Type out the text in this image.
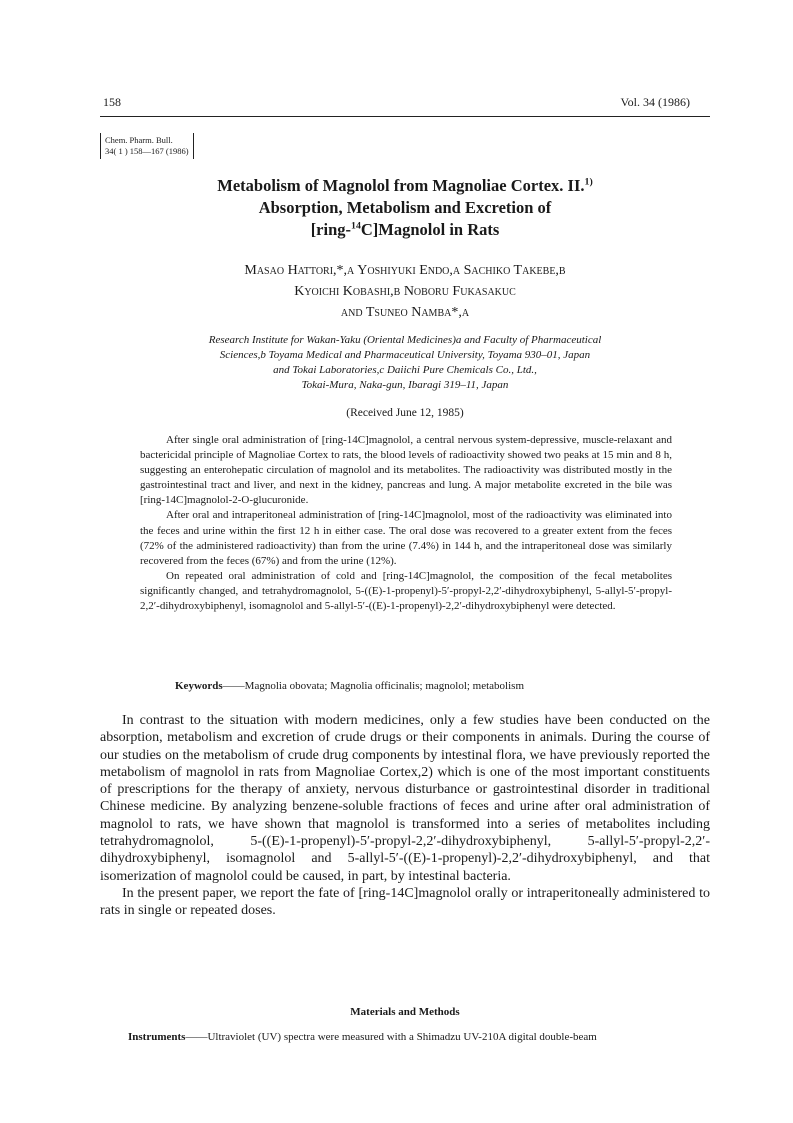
158	Vol. 34 (1986)
Chem. Pharm. Bull.
34( 1 ) 158—167 (1986)
Metabolism of Magnolol from Magnoliae Cortex. II.$^{1)}$
Absorption, Metabolism and Excretion of
[ring-$^{14}$C]Magnolol in Rats
Masao Hattori,*,a Yoshiyuki Endo,a Sachiko Takebe,b
Kyoichi Kobashi,b Noboru Fukasakuc
and Tsuneo Namba*,a
Research Institute for Wakan-Yaku (Oriental Medicines)a and Faculty of Pharmaceutical
Sciences,b Toyama Medical and Pharmaceutical University, Toyama 930–01, Japan
and Tokai Laboratories,c Daiichi Pure Chemicals Co., Ltd.,
Tokai-Mura, Naka-gun, Ibaragi 319–11, Japan
(Received June 12, 1985)

After single oral administration of [ring-14C]magnolol, a central nervous system-depressive, muscle-relaxant and bactericidal principle of Magnoliae Cortex to rats, the blood levels of radioactivity showed two peaks at 15 min and 8 h, suggesting an enterohepatic circulation of magnolol and its metabolites. The radioactivity was distributed mostly in the gastrointestinal tract and liver, and next in the kidney, pancreas and lung. A major metabolite excreted in the bile was [ring-14C]magnolol-2-O-glucuronide.

After oral and intraperitoneal administration of [ring-14C]magnolol, most of the radioactivity was eliminated into the feces and urine within the first 12 h in either case. The oral dose was recovered to a greater extent from the feces (72% of the administered radioactivity) than from the urine (7.4%) in 144 h, and the intraperitoneal dose was similarly recovered from the feces (67%) and from the urine (12%).

On repeated oral administration of cold and [ring-14C]magnolol, the composition of the fecal metabolites significantly changed, and tetrahydromagnolol, 5-((E)-1-propenyl)-5′-propyl-2,2′-dihydroxybiphenyl, 5-allyl-5′-propyl-2,2′-dihydroxybiphenyl, isomagnolol and 5-allyl-5′-((E)-1-propenyl)-2,2′-dihydroxybiphenyl were detected.

Keywords——Magnolia obovata; Magnolia officinalis; magnolol; metabolism

In contrast to the situation with modern medicines, only a few studies have been conducted on the absorption, metabolism and excretion of crude drugs or their components in animals. During the course of our studies on the metabolism of crude drug components by intestinal flora, we have previously reported the metabolism of magnolol in rats from Magnoliae Cortex,2) which is one of the most important constituents of prescriptions for the therapy of anxiety, nervous disturbance or gastrointestinal disorder in traditional Chinese medicine. By analyzing benzene-soluble fractions of feces and urine after oral administration of magnolol to rats, we have shown that magnolol is transformed into a series of metabolites including tetrahydromagnolol, 5-((E)-1-propenyl)-5′-propyl-2,2′-dihydroxybiphenyl, 5-allyl-5′-propyl-2,2′-dihydroxybiphenyl, isomagnolol and 5-allyl-5′-((E)-1-propenyl)-2,2′-dihydroxybiphenyl, and that isomerization of magnolol could be caused, in part, by intestinal bacteria.

In the present paper, we report the fate of [ring-14C]magnolol orally or intraperitoneally administered to rats in single or repeated doses.

Materials and Methods
Instruments——Ultraviolet (UV) spectra were measured with a Shimadzu UV-210A digital double-beam
